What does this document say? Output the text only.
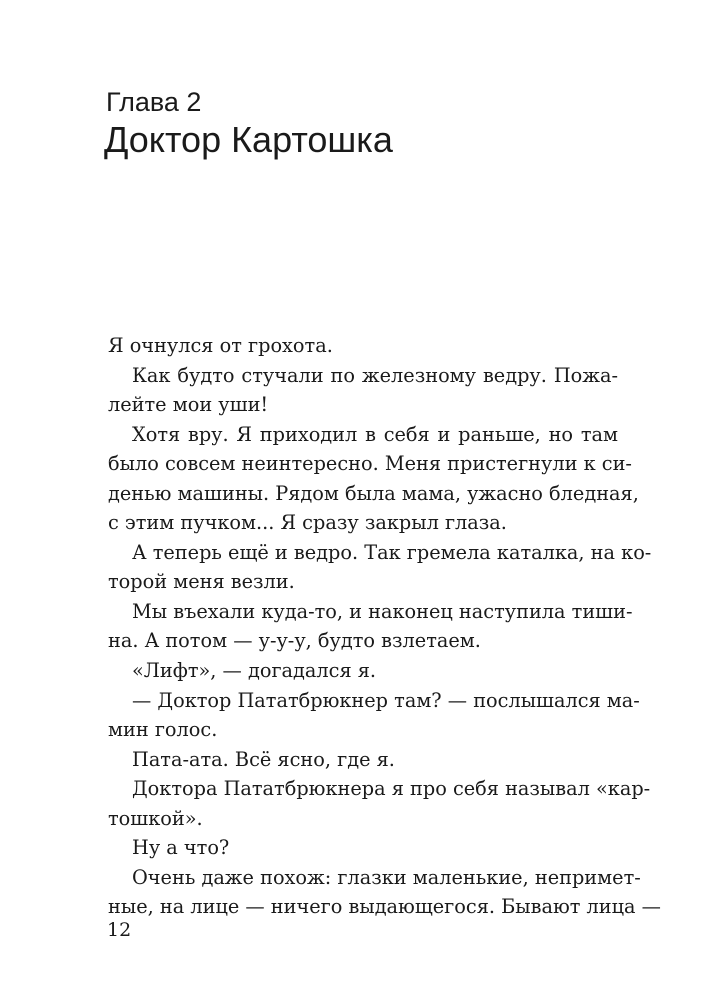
Глава 2
Доктор Картошка
Я очнулся от грохота.
Как будто стучали по железному ведру. Пожа-
лейте мои уши!
Хотя вру. Я приходил в себя и раньше, но там
было совсем неинтересно. Меня пристегнули к си-
денью машины. Рядом была мама, ужасно бледная,
с этим пучком... Я сразу закрыл глаза.
А теперь ещё и ведро. Так гремела каталка, на ко-
торой меня везли.
Мы въехали куда-то, и наконец наступила тиши-
на. А потом — у-у-у, будто взлетаем.
«Лифт», — догадался я.
— Доктор Пататбрюкнер там? — послышался ма-
мин голос.
Пата-ата. Всё ясно, где я.
Доктора Пататбрюкнера я про себя называл «кар-
тошкой».
Ну а что?
Очень даже похож: глазки маленькие, непримет-
ные, на лице — ничего выдающегося. Бывают лица —
12
